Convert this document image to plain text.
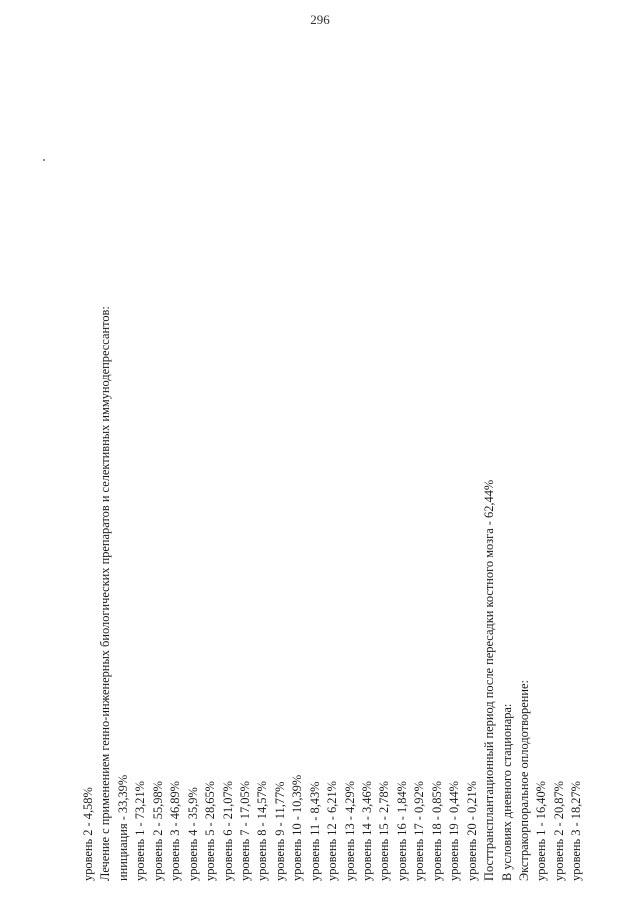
296
уровень 2 - 4,58% Лечение с применением генно-инженерных биологических препаратов и селективных иммунодепрессантов: инициация - 33,39% уровень 1 - 73,21% уровень 2 - 55,98% уровень 3 - 46,89% уровень 4 - 35,9% уровень 5 - 28,65% уровень 6 - 21,07% уровень 7 - 17,05% уровень 8 - 14,57% уровень 9 - 11,77% уровень 10 - 10,39% уровень 11 - 8,43% уровень 12 - 6,21% уровень 13 - 4,29% уровень 14 - 3,46% уровень 15 - 2,78% уровень 16 - 1,84% уровень 17 - 0,92% уровень 18 - 0,85% уровень 19 - 0,44% уровень 20 - 0,21% Посттрансплантационный период после пересадки костного мозга - 62,44% В условиях дневного стационара: Экстракорпоральное оплодотворение: уровень 1 - 16,40% уровень 2 - 20,87% уровень 3 - 18,27%
